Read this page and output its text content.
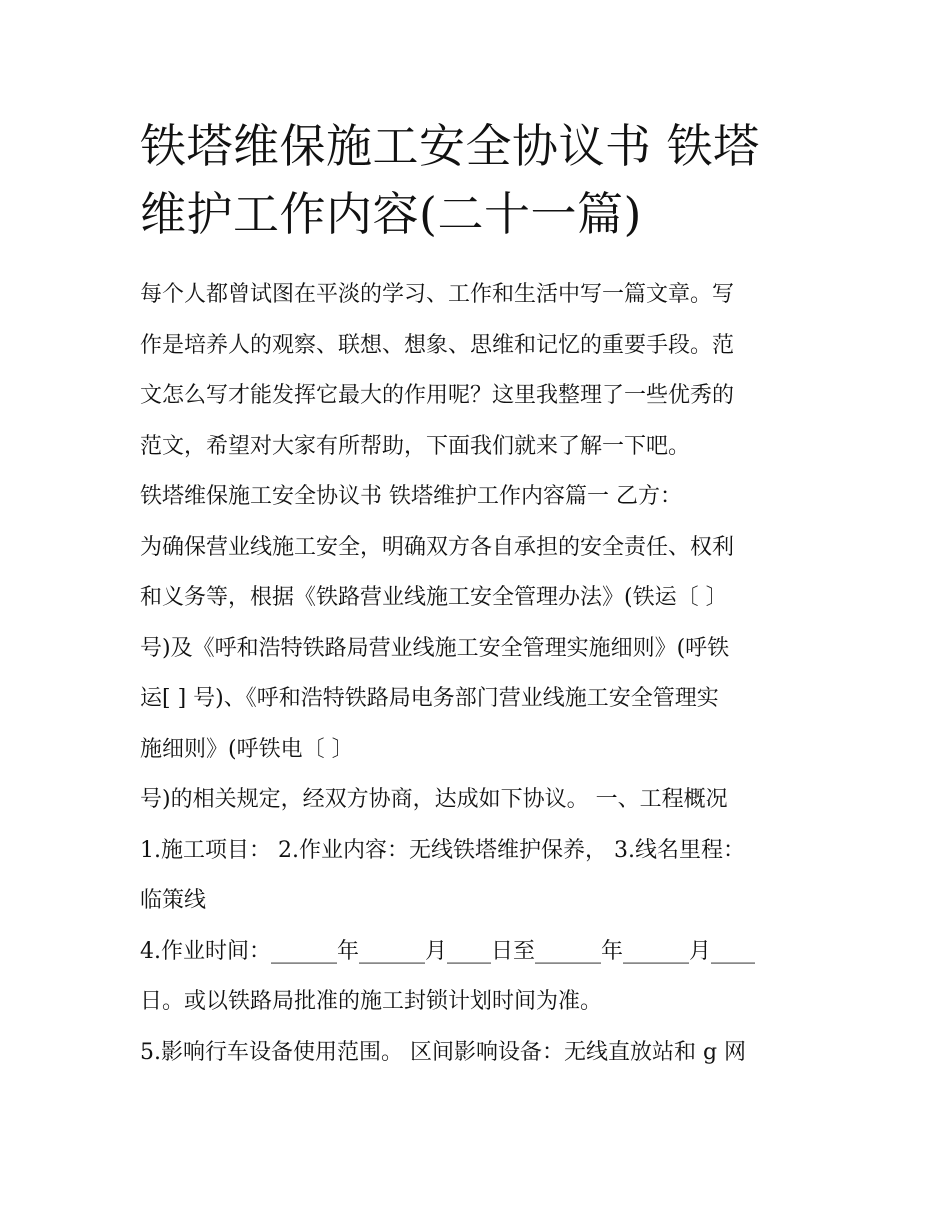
铁塔维保施工安全协议书 铁塔
维护工作内容(二十一篇)

每个人都曾试图在平淡的学习、工作和生活中写一篇文章。写

作是培养人的观察、联想、想象、思维和记忆的重要手段。范

文怎么写才能发挥它最大的作用呢？这里我整理了一些优秀的

范文，希望对大家有所帮助，下面我们就来了解一下吧。

铁塔维保施工安全协议书 铁塔维护工作内容篇一 乙方：

为确保营业线施工安全，明确双方各自承担的安全责任、权利

和义务等，根据《铁路营业线施工安全管理办法》(铁运〔 〕

号)及《呼和浩特铁路局营业线施工安全管理实施细则》(呼铁

运[ ] 号)、《呼和浩特铁路局电务部门营业线施工安全管理实

施细则》(呼铁电〔 〕

号)的相关规定，经双方协商，达成如下协议。 一、工程概况

1.施工项目： 2.作业内容：无线铁塔维护保养， 3.线名里程：

临策线

4.作业时间：______年______月____日至______年______月____

日。或以铁路局批准的施工封锁计划时间为准。

5.影响行车设备使用范围。 区间影响设备：无线直放站和 g 网
